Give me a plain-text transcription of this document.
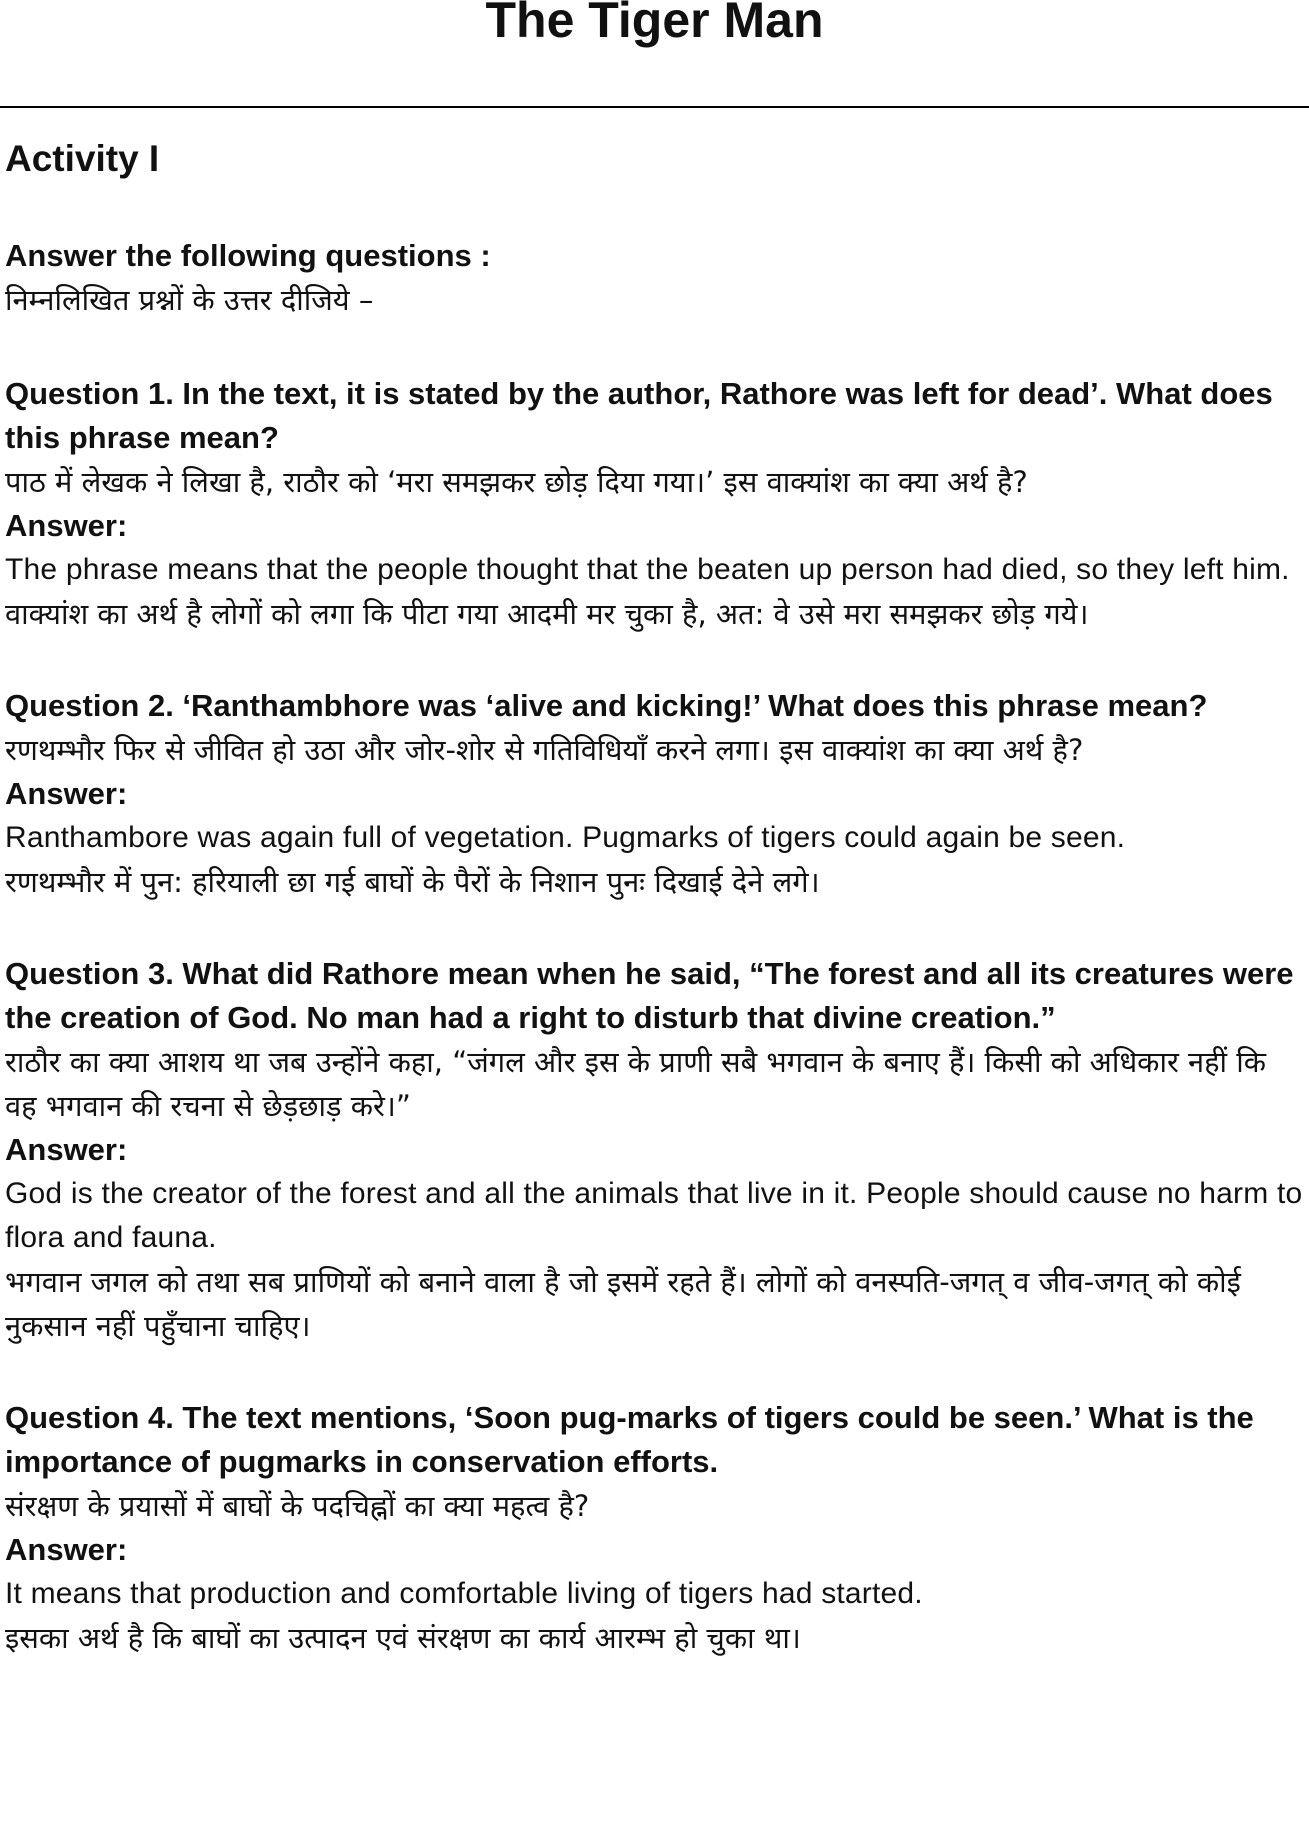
The Tiger Man
Activity I

Answer the following questions :

निम्नलिखित प्रश्नों के उत्तर दीजिये –

Question 1. In the text, it is stated by the author, Rathore was left for dead’. What does this phrase mean?

पाठ में लेखक ने लिखा है, राठौर को ‘मरा समझकर छोड़ दिया गया।’ इस वाक्यांश का क्या अर्थ है?

Answer:

The phrase means that the people thought that the beaten up person had died, so they left him.

वाक्यांश का अर्थ है लोगों को लगा कि पीटा गया आदमी मर चुका है, अत: वे उसे मरा समझकर छोड़ गये।

Question 2. ‘Ranthambhore was ‘alive and kicking!’ What does this phrase mean?

रणथम्भौर फिर से जीवित हो उठा और जोर-शोर से गतिविधियाँ करने लगा। इस वाक्यांश का क्या अर्थ है?

Answer:

Ranthambore was again full of vegetation. Pugmarks of tigers could again be seen.

रणथम्भौर में पुन: हरियाली छा गई बाघों के पैरों के निशान पुनः दिखाई देने लगे।

Question 3. What did Rathore mean when he said, “The forest and all its creatures were the creation of God. No man had a right to disturb that divine creation.”

राठौर का क्या आशय था जब उन्होंने कहा, “जंगल और इस के प्राणी सबै भगवान के बनाए हैं। किसी को अधिकार नहीं कि वह भगवान की रचना से छेड़छाड़ करे।”

Answer:

God is the creator of the forest and all the animals that live in it. People should cause no harm to flora and fauna.

भगवान जगल को तथा सब प्राणियों को बनाने वाला है जो इसमें रहते हैं। लोगों को वनस्पति-जगत् व जीव-जगत् को कोई नुकसान नहीं पहुँचाना चाहिए।

Question 4. The text mentions, ‘Soon pug-marks of tigers could be seen.’ What is the importance of pugmarks in conservation efforts.

संरक्षण के प्रयासों में बाघों के पदचिह्नों का क्या महत्व है?

Answer:

It means that production and comfortable living of tigers had started.

इसका अर्थ है कि बाघों का उत्पादन एवं संरक्षण का कार्य आरम्भ हो चुका था।
